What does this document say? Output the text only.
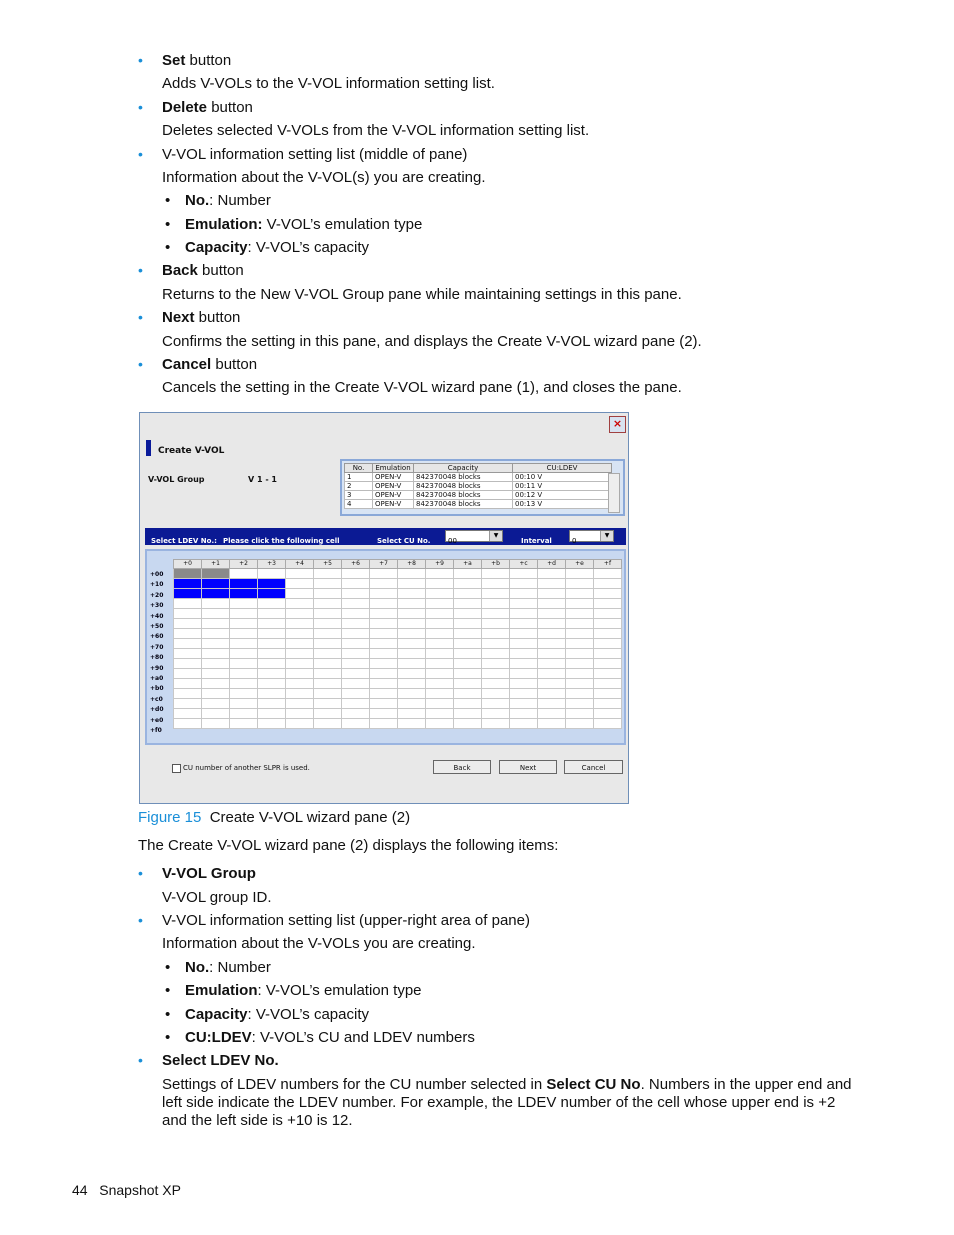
• Set button
Adds V-VOLs to the V-VOL information setting list.
• Delete button
Deletes selected V-VOLs from the V-VOL information setting list.
• V-VOL information setting list (middle of pane)
Information about the V-VOL(s) you are creating.
• No.: Number
• Emulation: V-VOL’s emulation type
• Capacity: V-VOL’s capacity
• Back button
Returns to the New V-VOL Group pane while maintaining settings in this pane.
• Next button
Confirms the setting in this pane, and displays the Create V-VOL wizard pane (2).
• Cancel button
Cancels the setting in the Create V-VOL wizard pane (1), and closes the pane.
×
Create V-VOL
V-VOL Group	V 1 - 1
No.	Emulation	Capacity	CU:LDEV
1	OPEN-V	842370048 blocks	00:10 V
2	OPEN-V	842370048 blocks	00:11 V
3	OPEN-V	842370048 blocks	00:12 V
4	OPEN-V	842370048 blocks	00:13 V
Select LDEV No.: Please click the following cell	Select CU No.	00
▼
Interval	0
▼
+00
+10
+20
+30
+40
+50
+60
+70
+80
+90
+a0
+b0
+c0
+d0
+e0
+f0
+0	+1	+2	+3	+4	+5	+6	+7	+8	+9	+a	+b	+c	+d	+e	+f

CU number of another SLPR is used.	Back	Next	Cancel
Figure 15 Create V-VOL wizard pane (2)
The Create V-VOL wizard pane (2) displays the following items:
• V-VOL Group
V-VOL group ID.
• V-VOL information setting list (upper-right area of pane)
Information about the V-VOLs you are creating.
• No.: Number
• Emulation: V-VOL’s emulation type
• Capacity: V-VOL’s capacity
• CU:LDEV: V-VOL’s CU and LDEV numbers
• Select LDEV No.
Settings of LDEV numbers for the CU number selected in Select CU No. Numbers in the upper end and left side indicate the LDEV number. For example, the LDEV number of the cell whose upper end is +2 and the left side is +10 is 12.
44 Snapshot XP
